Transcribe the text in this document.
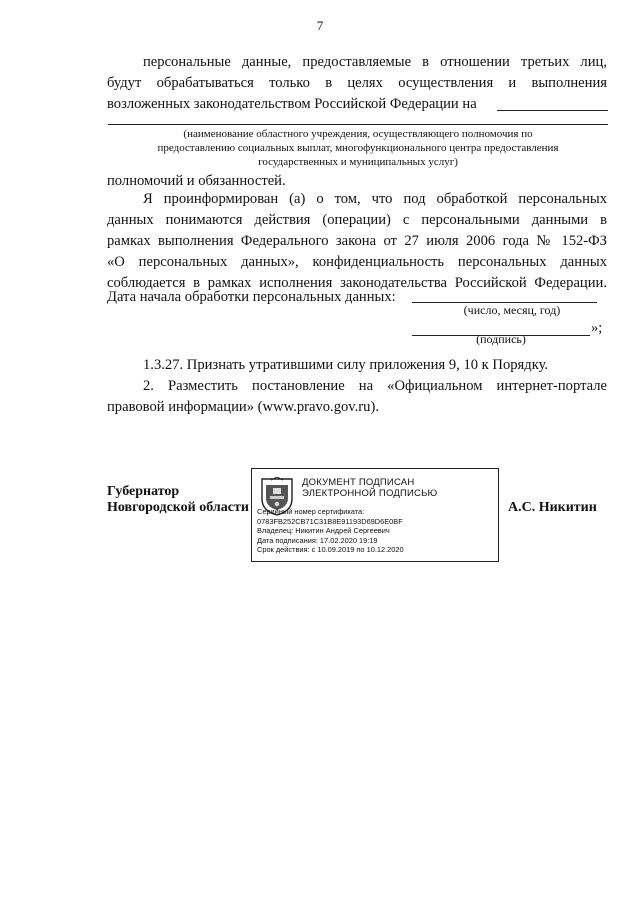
7
персональные данные, предоставляемые в отношении третьих лиц,
будут обрабатываться только в целях осуществления и выполнения
возложенных законодательством Российской Федерации на
(наименование областного учреждения, осуществляющего полномочия по
предоставлению социальных выплат, многофункционального центра предоставления
государственных и муниципальных услуг)
полномочий и обязанностей.
Я проинформирован (а) о том, что под обработкой персональных
данных понимаются действия (операции) с персональными данными в
рамках выполнения Федерального закона от 27 июля 2006 года № 152-ФЗ
«О персональных данных», конфиденциальность персональных данных
соблюдается в рамках исполнения законодательства Российской Федерации.
Дата начала обработки персональных данных:
(число, месяц, год)
»;
(подпись)
1.3.27. Признать утратившими силу приложения 9, 10 к Порядку.
2. Разместить постановление на «Официальном интернет-портале
правовой информации» (www.pravo.gov.ru).
Губернатор
Новгородской области
ДОКУМЕНТ ПОДПИСАН
ЭЛЕКТРОННОЙ ПОДПИСЬЮ
Серийный номер сертификата:
0783FB252CB71C31B8E91193D69D6E0BF
Владелец: Никитин Андрей Сергеевич
Дата подписания: 17.02.2020 19:19
Срок действия: с 10.09.2019 по 10.12.2020
А.С. Никитин
